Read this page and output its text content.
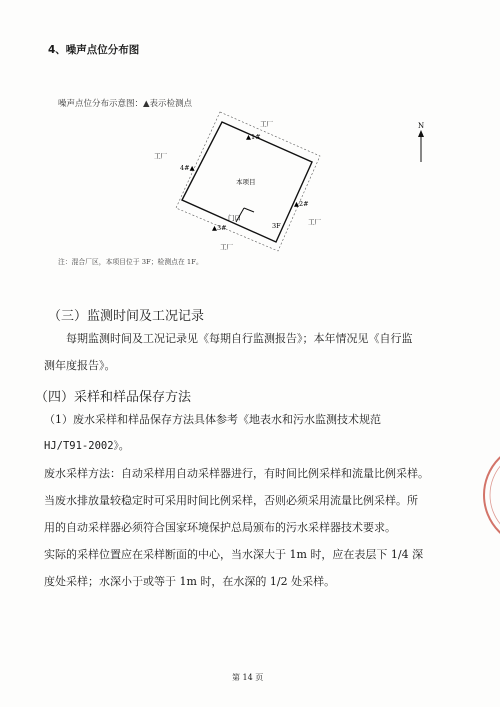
4、噪声点位分布图
噪声点位分布示意图：▲表示检测点
工厂
▲1#
工厂
4#▲
本项目
▲2#
工厂
门口
3F
▲3#
工厂
N
注：混合厂区，本项目位于 3F；检测点在 1F。
（三）监测时间及工况记录
每期监测时间及工况记录见《每期自行监测报告》；本年情况见《自行监
测年度报告》。
（四）采样和样品保存方法
（1）废水采样和样品保存方法具体参考《地表水和污水监测技术规范
HJ/T91-2002》。
废水采样方法：自动采样用自动采样器进行，有时间比例采样和流量比例采样。
当废水排放量较稳定时可采用时间比例采样，否则必须采用流量比例采样。所
用的自动采样器必须符合国家环境保护总局颁布的污水采样器技术要求。
实际的采样位置应在采样断面的中心，当水深大于 1m 时，应在表层下 1/4 深
度处采样；水深小于或等于 1m 时，在水深的 1/2 处采样。
第 14 页
